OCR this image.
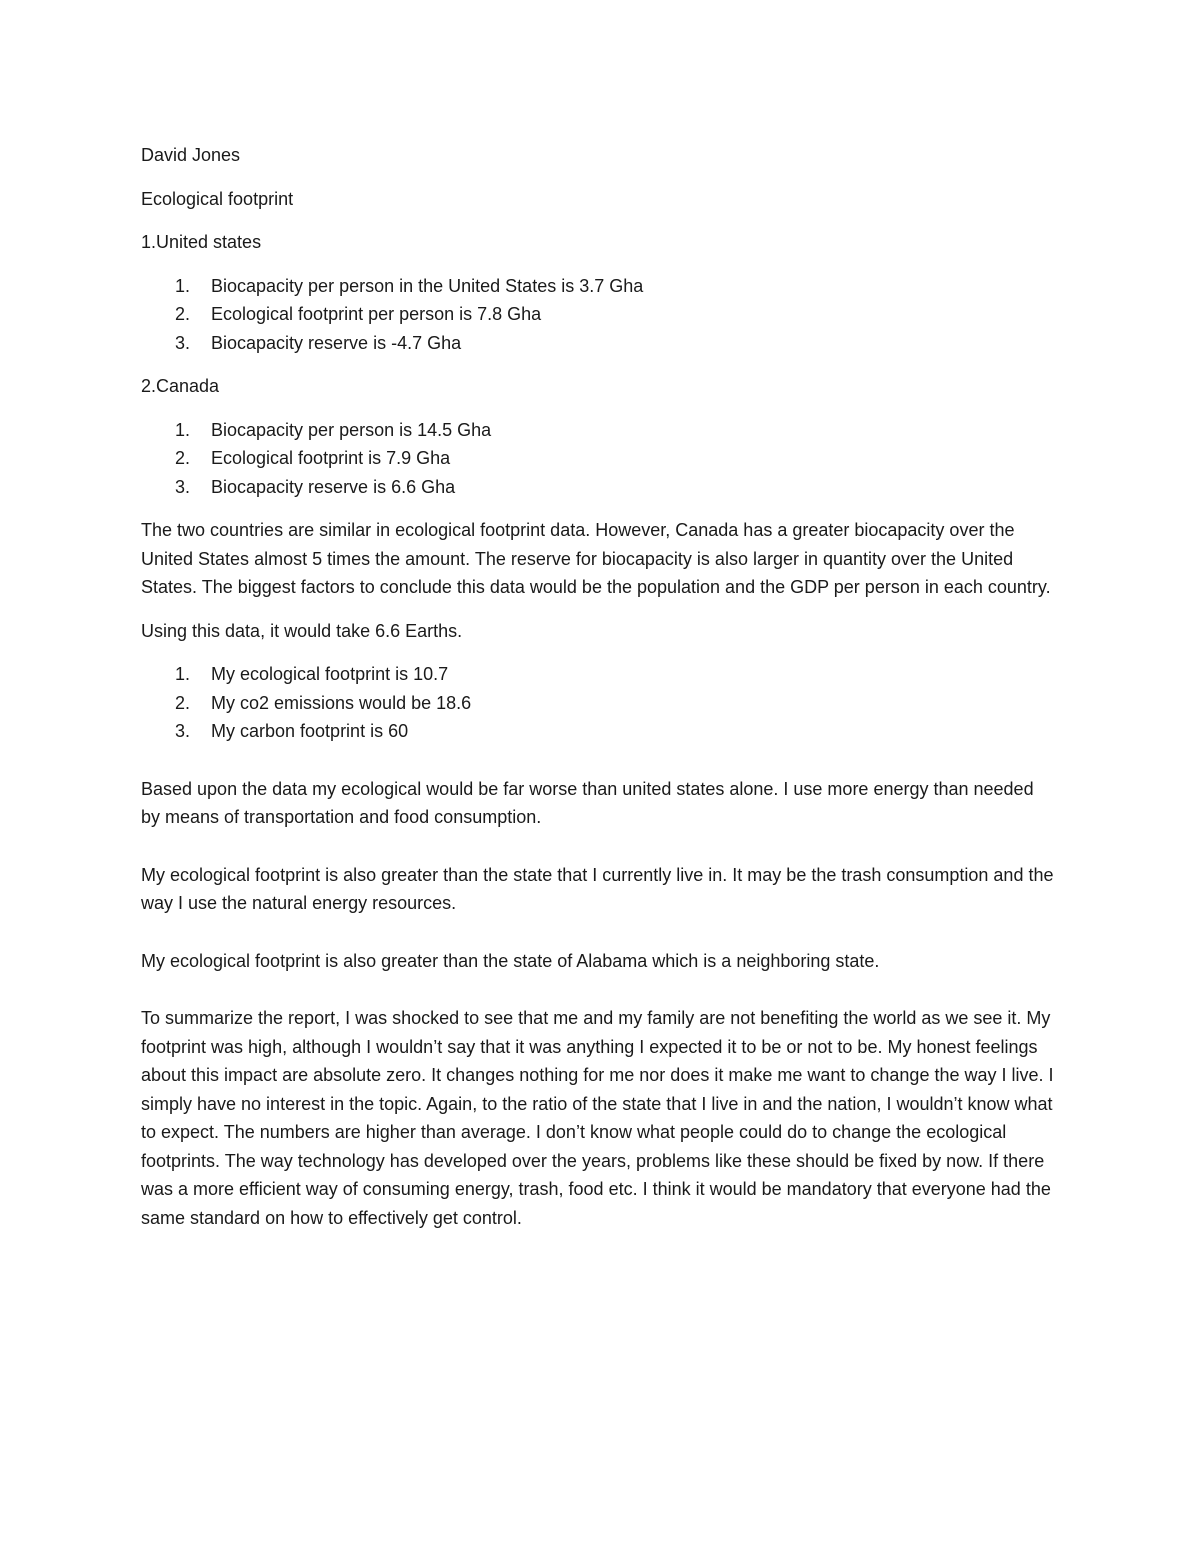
David Jones

Ecological footprint

1.United states

1. Biocapacity per person in the United States is 3.7 Gha
2. Ecological footprint per person is 7.8 Gha
3. Biocapacity reserve is -4.7 Gha

2.Canada

1. Biocapacity per person is 14.5 Gha
2. Ecological footprint is 7.9 Gha
3. Biocapacity reserve is 6.6 Gha

The two countries are similar in ecological footprint data. However, Canada has a greater biocapacity over the United States almost 5 times the amount. The reserve for biocapacity is also larger in quantity over the United States. The biggest factors to conclude this data would be the population and the GDP per person in each country.

Using this data, it would take 6.6 Earths.

1. My ecological footprint is 10.7
2. My co2 emissions would be 18.6
3. My carbon footprint is 60

Based upon the data my ecological would be far worse than united states alone. I use more energy than needed by means of transportation and food consumption.

My ecological footprint is also greater than the state that I currently live in. It may be the trash consumption and the way I use the natural energy resources.

My ecological footprint is also greater than the state of Alabama which is a neighboring state.

To summarize the report, I was shocked to see that me and my family are not benefiting the world as we see it. My footprint was high, although I wouldn’t say that it was anything I expected it to be or not to be. My honest feelings about this impact are absolute zero. It changes nothing for me nor does it make me want to change the way I live. I simply have no interest in the topic. Again, to the ratio of the state that I live in and the nation, I wouldn’t know what to expect. The numbers are higher than average. I don’t know what people could do to change the ecological footprints. The way technology has developed over the years, problems like these should be fixed by now. If there was a more efficient way of consuming energy, trash, food etc. I think it would be mandatory that everyone had the same standard on how to effectively get control.
